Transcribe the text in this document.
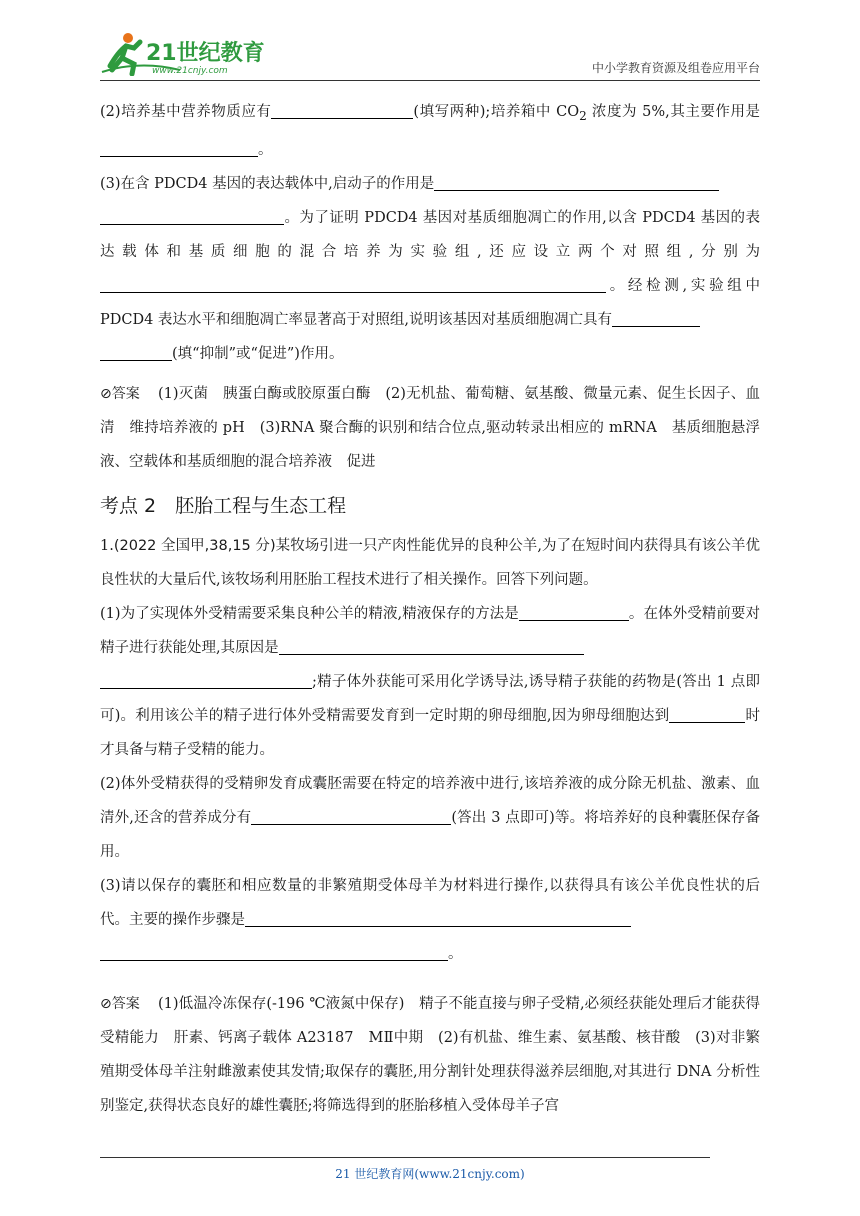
21世纪教育
www.21cnjy.com	中小学教育资源及组卷应用平台

(2)培养基中营养物质应有	(填写两种);培养箱中 $CO_2$ 浓度为 5%,其主要作用是。

(3)在含 PDCD4 基因的表达载体中,启动子的作用是
。为了证明 PDCD4 基因对基质细胞凋亡的作用,以含 PDCD4 基因的表达载体和基质细胞的混合培养为实验组,还应设立两个对照组,分别为。经检测,实验组中 PDCD4 表达水平和细胞凋亡率显著高于对照组,说明该基因对基质细胞凋亡具有
(填“抑制”或“促进”)作用。

⊘答案 (1)灭菌　胰蛋白酶或胶原蛋白酶　(2)无机盐、葡萄糖、氨基酸、微量元素、促生长因子、血清　维持培养液的 pH　(3)RNA 聚合酶的识别和结合位点,驱动转录出相应的 mRNA　基质细胞悬浮液、空载体和基质细胞的混合培养液　促进

考点 2　胚胎工程与生态工程

1.(2022 全国甲,38,15 分)某牧场引进一只产肉性能优异的良种公羊,为了在短时间内获得具有该公羊优良性状的大量后代,该牧场利用胚胎工程技术进行了相关操作。回答下列问题。

(1)为了实现体外受精需要采集良种公羊的精液,精液保存的方法是	。在体外受精前要对精子进行获能处理,其原因是
;精子体外获能可采用化学诱导法,诱导精子获能的药物是(答出 1 点即可)。利用该公羊的精子进行体外受精需要发育到一定时期的卵母细胞,因为卵母细胞达到	时才具备与精子受精的能力。

(2)体外受精获得的受精卵发育成囊胚需要在特定的培养液中进行,该培养液的成分除无机盐、激素、血清外,还含的营养成分有	(答出 3 点即可)等。将培养好的良种囊胚保存备用。

(3)请以保存的囊胚和相应数量的非繁殖期受体母羊为材料进行操作,以获得具有该公羊优良性状的后代。主要的操作步骤是
。

⊘答案 (1)低温冷冻保存(-196 ℃液氮中保存)　精子不能直接与卵子受精,必须经获能处理后才能获得受精能力　肝素、钙离子载体 A23187　MⅡ中期　(2)有机盐、维生素、氨基酸、核苷酸　(3)对非繁殖期受体母羊注射雌激素使其发情;取保存的囊胚,用分割针处理获得滋养层细胞,对其进行 DNA 分析性别鉴定,获得状态良好的雄性囊胚;将筛选得到的胚胎移植入受体母羊子宫

21 世纪教育网(www.21cnjy.com)
